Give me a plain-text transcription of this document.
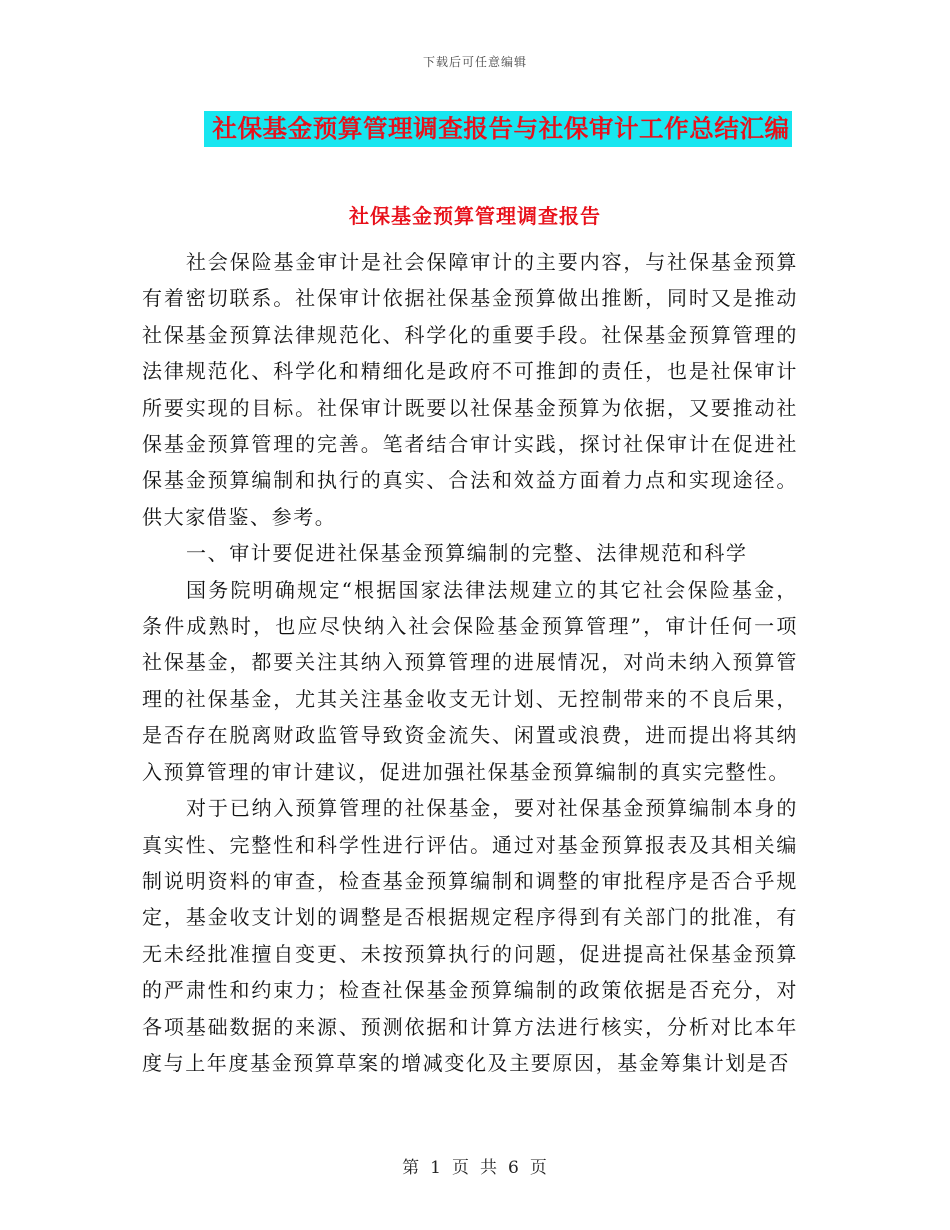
下载后可任意编辑
社保基金预算管理调查报告与社保审计工作总结汇编
社保基金预算管理调查报告

社会保险基金审计是社会保障审计的主要内容，与社保基金预算有着密切联系。社保审计依据社保基金预算做出推断，同时又是推动社保基金预算法律规范化、科学化的重要手段。社保基金预算管理的法律规范化、科学化和精细化是政府不可推卸的责任，也是社保审计所要实现的目标。社保审计既要以社保基金预算为依据，又要推动社保基金预算管理的完善。笔者结合审计实践，探讨社保审计在促进社保基金预算编制和执行的真实、合法和效益方面着力点和实现途径。供大家借鉴、参考。

一、审计要促进社保基金预算编制的完整、法律规范和科学

国务院明确规定“根据国家法律法规建立的其它社会保险基金，条件成熟时，也应尽快纳入社会保险基金预算管理”，审计任何一项社保基金，都要关注其纳入预算管理的进展情况，对尚未纳入预算管理的社保基金，尤其关注基金收支无计划、无控制带来的不良后果，是否存在脱离财政监管导致资金流失、闲置或浪费，进而提出将其纳入预算管理的审计建议，促进加强社保基金预算编制的真实完整性。

对于已纳入预算管理的社保基金，要对社保基金预算编制本身的真实性、完整性和科学性进行评估。通过对基金预算报表及其相关编制说明资料的审查，检查基金预算编制和调整的审批程序是否合乎规定，基金收支计划的调整是否根据规定程序得到有关部门的批准，有无未经批准擅自变更、未按预算执行的问题，促进提高社保基金预算的严肃性和约束力；检查社保基金预算编制的政策依据是否充分，对各项基础数据的来源、预测依据和计算方法进行核实，分析对比本年度与上年度基金预算草案的增减变化及主要原因，基金筹集计划是否

第 1 页 共 6 页
